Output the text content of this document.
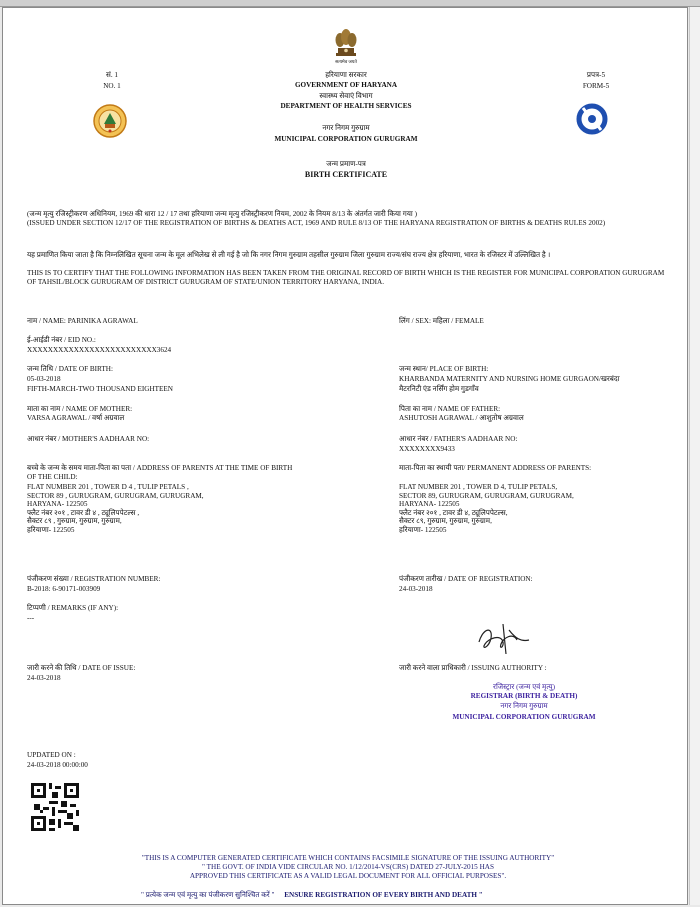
सत्यमेव जयते
सं. 1
NO. 1
प्रपत्र-5
FORM-5
हरियाणा सरकार
GOVERNMENT OF HARYANA
स्वास्थ्य सेवाएं विभाग
DEPARTMENT OF HEALTH SERVICES
नगर निगम गुरुग्राम
MUNICIPAL CORPORATION GURUGRAM
जन्म प्रमाण-पत्र
BIRTH CERTIFICATE
(जन्म मृत्यु रजिस्ट्रीकरण अधिनियम, 1969 की धारा 12 / 17 तथा हरियाणा जन्म मृत्यु रजिस्ट्रीकरण नियम, 2002 के नियम 8/13 के अंतर्गत जारी किया गया )
(ISSUED UNDER SECTION 12/17 OF THE REGISTRATION OF BIRTHS & DEATHS ACT, 1969 AND RULE 8/13 OF THE HARYANA REGISTRATION OF BIRTHS & DEATHS RULES 2002)
यह प्रमाणित किया जाता है कि निम्नलिखित सूचना जन्म के मूल अभिलेख से ली गई है जो कि नगर निगम गुरुग्राम तहसील गुरुग्राम जिला गुरुग्राम राज्य/संघ राज्य क्षेत्र हरियाणा, भारत के रजिस्टर में उल्लिखित है ।
THIS IS TO CERTIFY THAT THE FOLLOWING INFORMATION HAS BEEN TAKEN FROM THE ORIGINAL RECORD OF BIRTH WHICH IS THE REGISTER FOR MUNICIPAL CORPORATION GURUGRAM OF TAHSIL/BLOCK GURUGRAM OF DISTRICT GURUGRAM OF STATE/UNION TERRITORY HARYANA, INDIA.
नाम / NAME: PARINIKA AGRAWAL	लिंग / SEX: महिला / FEMALE
ई-आईडी नंबर / EID NO.:
XXXXXXXXXXXXXXXXXXXXXXXXX3624
जन्म तिथि / DATE OF BIRTH:
05-03-2018
FIFTH-MARCH-TWO THOUSAND EIGHTEEN
जन्म स्थान/ PLACE OF BIRTH:
KHARBANDA MATERNITY AND NURSING HOME GURGAON/खरबंदा
मैटरनिटी एंड नर्सिंग होम गुडगाँव
माता का नाम / NAME OF MOTHER:
VARSA AGRAWAL / वर्षा अग्रवाल
पिता का नाम / NAME OF FATHER:
ASHUTOSH AGRAWAL / आशुतोष अग्रवाल
आधार नंबर / MOTHER'S AADHAAR NO:	आधार नंबर / FATHER'S AADHAAR NO:
XXXXXXXX9433
बच्चे के जन्म के समय माता-पिता का पता / ADDRESS OF PARENTS AT THE TIME OF BIRTH
OF THE CHILD:
माता-पिता का स्थायी पता/ PERMANENT ADDRESS OF PARENTS:
FLAT NUMBER 201 , TOWER D 4 , TULIP PETALS ,
SECTOR 89 , GURUGRAM, GURUGRAM, GURUGRAM,
HARYANA- 122505
फ्लैट नंबर २०१ , टावर डी ४ , ट्यूलिपपेटल्स ,
सैक्टर ८९ , गुरुग्राम, गुरुग्राम, गुरुग्राम,
हरियाणा- 122505
FLAT NUMBER 201 , TOWER D 4, TULIP PETALS,
SECTOR 89, GURUGRAM, GURUGRAM, GURUGRAM,
HARYANA- 122505
फ्लैट नंबर २०१ , टावर डी ४, ट्यूलिपपेटल्स,
सैक्टर ८९, गुरुग्राम, गुरुग्राम, गुरुग्राम,
हरियाणा- 122505
पंजीकरण संख्या / REGISTRATION NUMBER:
B-2018: 6-90171-003909
पंजीकरण तारीख / DATE OF REGISTRATION:
24-03-2018
टिप्पणी / REMARKS (IF ANY):
---
जारी करने की तिथि / DATE OF ISSUE:
24-03-2018
जारी करने वाला प्राधिकारी / ISSUING AUTHORITY :
रजिस्ट्रार (जन्म एवं मृत्यु)
REGISTRAR (BIRTH & DEATH)
नगर निगम गुरुग्राम
MUNICIPAL CORPORATION GURUGRAM
UPDATED ON :
24-03-2018 00:00:00
"THIS IS A COMPUTER GENERATED CERTIFICATE WHICH CONTAINS FACSIMILE SIGNATURE OF THE ISSUING AUTHORITY"
" THE GOVT. OF INDIA VIDE CIRCULAR NO. 1/12/2014-VS(CRS) DATED 27-JULY-2015 HAS
APPROVED THIS CERTIFICATE AS A VALID LEGAL DOCUMENT FOR ALL OFFICIAL PURPOSES".
" प्रत्येक जन्म एवं मृत्यु का पंजीकरण सुनिश्चित करें " ENSURE REGISTRATION OF EVERY BIRTH AND DEATH "
